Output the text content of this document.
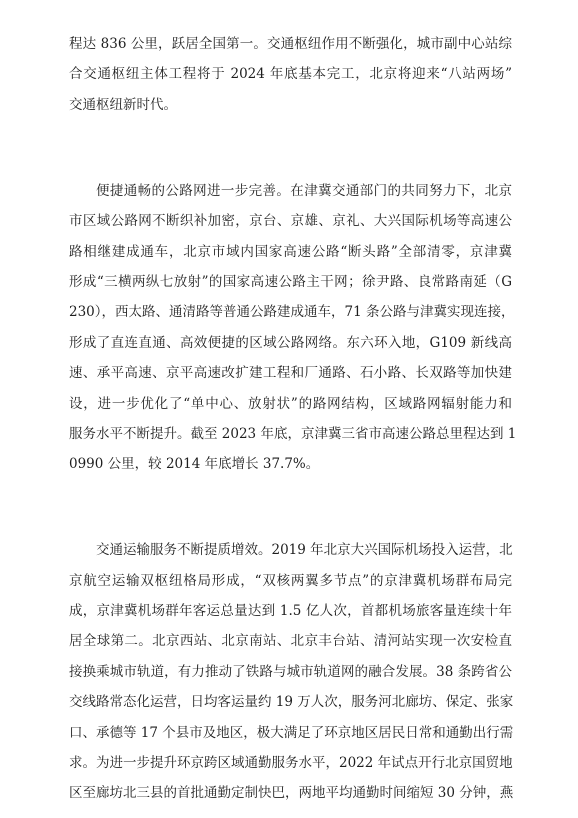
程达 836 公里，跃居全国第一。交通枢纽作用不断强化，城市副中心站综
合交通枢纽主体工程将于 2024 年底基本完工，北京将迎来“八站两场”
交通枢纽新时代。
便捷通畅的公路网进一步完善。在津冀交通部门的共同努力下，北京
市区域公路网不断织补加密，京台、京雄、京礼、大兴国际机场等高速公
路相继建成通车，北京市域内国家高速公路“断头路”全部清零，京津冀
形成“三横两纵七放射”的国家高速公路主干网；徐尹路、良常路南延（G
230），西太路、通清路等普通公路建成通车，71 条公路与津冀实现连接，
形成了直连直通、高效便捷的区域公路网络。东六环入地，G109 新线高
速、承平高速、京平高速改扩建工程和厂通路、石小路、长双路等加快建
设，进一步优化了“单中心、放射状”的路网结构，区域路网辐射能力和
服务水平不断提升。截至 2023 年底，京津冀三省市高速公路总里程达到 1
0990 公里，较 2014 年底增长 37.7%。
交通运输服务不断提质增效。2019 年北京大兴国际机场投入运营，北
京航空运输双枢纽格局形成，“双核两翼多节点”的京津冀机场群布局完
成，京津冀机场群年客运总量达到 1.5 亿人次，首都机场旅客量连续十年
居全球第二。北京西站、北京南站、北京丰台站、清河站实现一次安检直
接换乘城市轨道，有力推动了铁路与城市轨道网的融合发展。38 条跨省公
交线路常态化运营，日均客运量约 19 万人次，服务河北廊坊、保定、张家
口、承德等 17 个县市及地区，极大满足了环京地区居民日常和通勤出行需
求。为进一步提升环京跨区域通勤服务水平，2022 年试点开行北京国贸地
区至廊坊北三县的首批通勤定制快巴，两地平均通勤时间缩短 30 分钟，燕
